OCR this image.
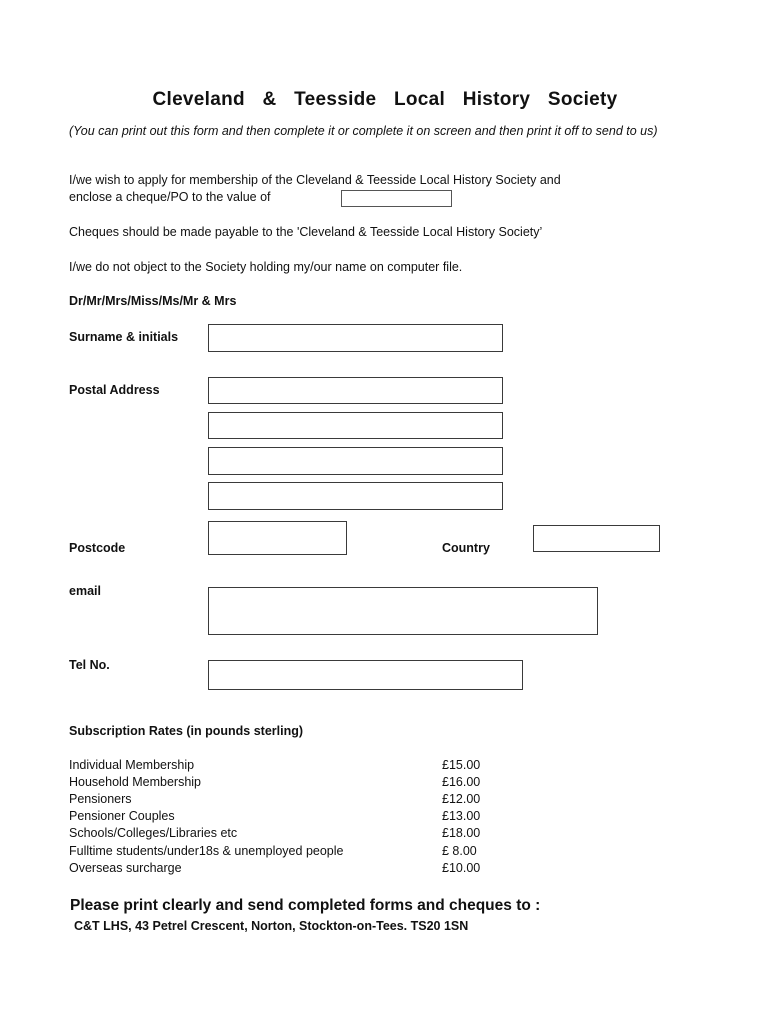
Cleveland & Teesside Local History Society
(You can print out this form and then complete it or complete it on screen and then print it off to send to us)
I/we wish to apply for membership of the Cleveland & Teesside Local History Society and
enclose a cheque/PO to the value of
Cheques should be made payable to the 'Cleveland & Teesside Local History Society’
I/we do not object to the Society holding my/our name on computer file.
Dr/Mr/Mrs/Miss/Ms/Mr & Mrs
Surname & initials
Postal Address
Postcode	Country
email
Tel No.
Subscription Rates (in pounds sterling)
Individual Membership	£15.00
Household Membership	£16.00
Pensioners	£12.00
Pensioner Couples	£13.00
Schools/Colleges/Libraries etc	£18.00
Fulltime students/under18s & unemployed people	£ 8.00
Overseas surcharge	£10.00
Please print clearly and send completed forms and cheques to :
C&T LHS, 43 Petrel Crescent, Norton, Stockton-on-Tees. TS20 1SN
